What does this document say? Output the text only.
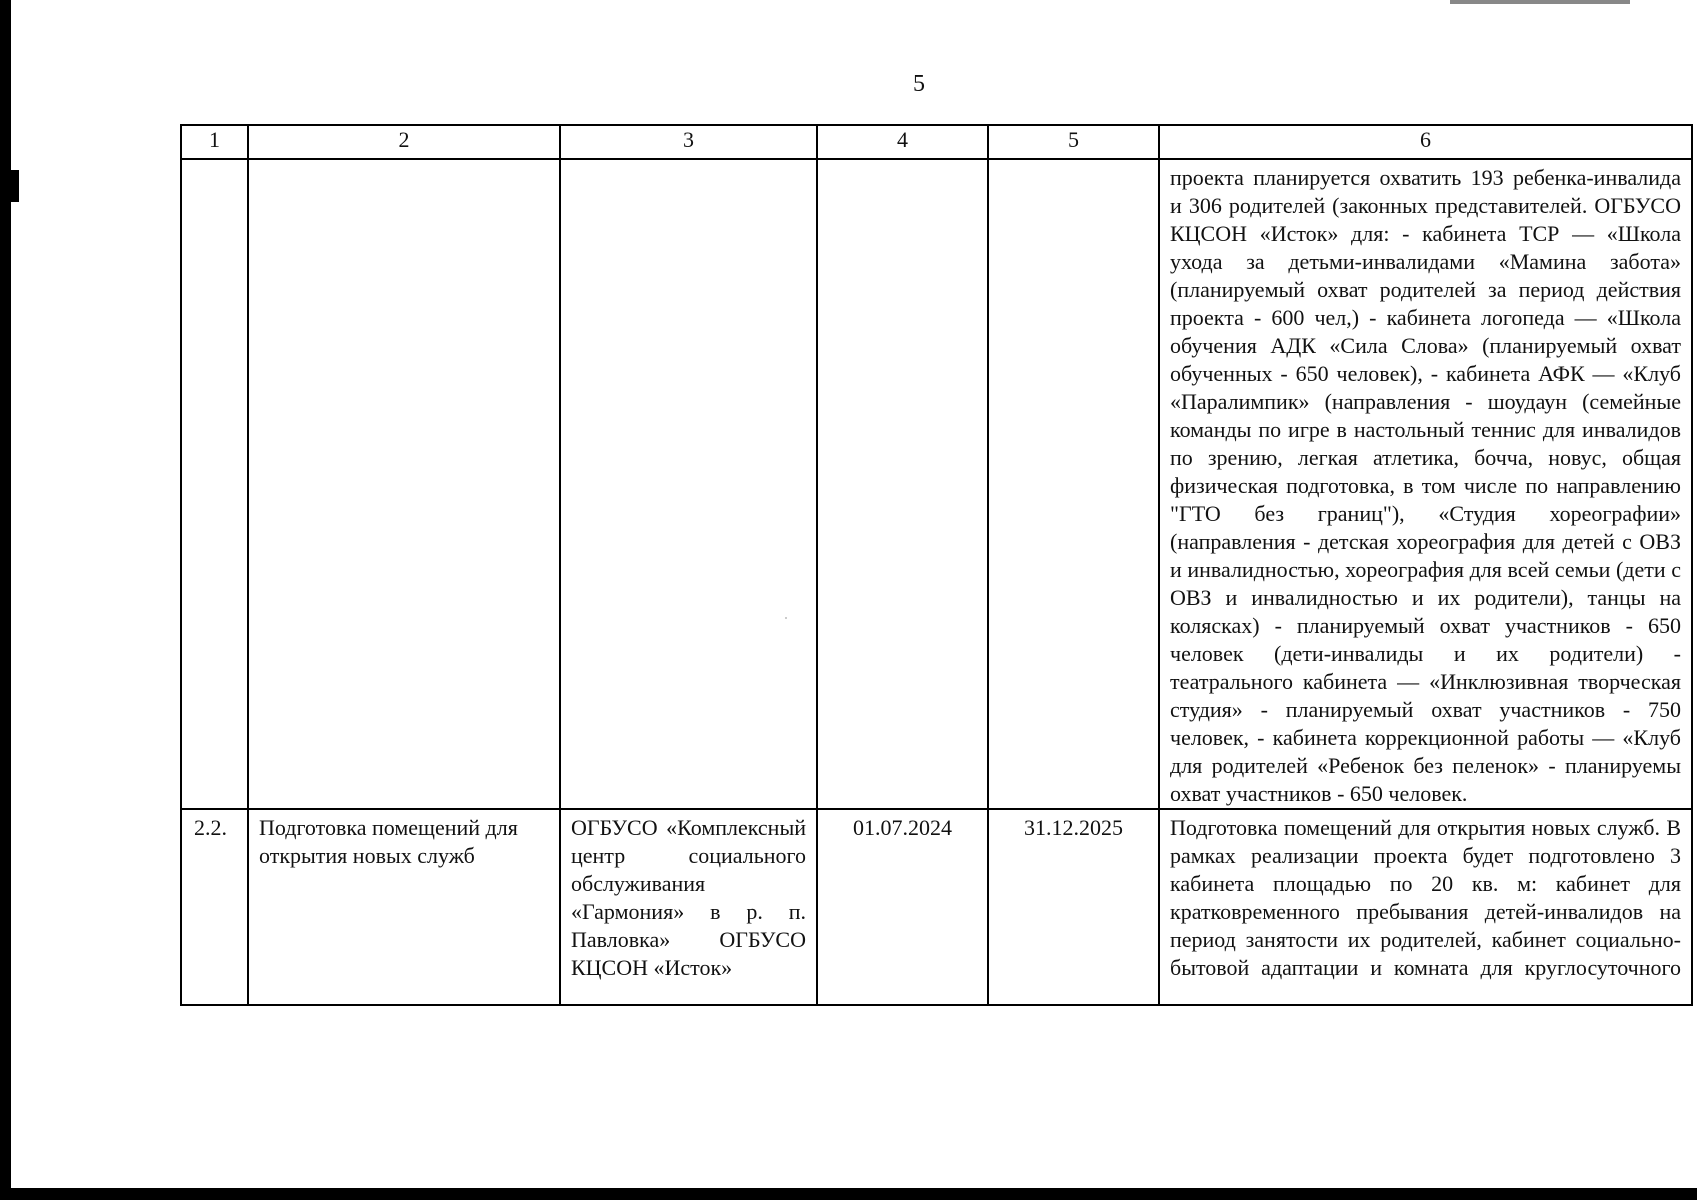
5
1	2	3	4	5	6
					проекта планируется охватить 193 ребенка-инвалида и 306 родителей (законных представителей. ОГБУСО КЦСОН «Исток» для: - кабинета ТСР — «Школа ухода за детьми-инвалидами «Мамина забота» (планируемый охват родителей за период действия проекта - 600 чел,) - кабинета логопеда — «Школа обучения АДК «Сила Слова» (планируемый охват обученных - 650 человек), - кабинета АФК — «Клуб «Паралимпик» (направления - шоудаун (семейные команды по игре в настольный теннис для инвалидов по зрению, легкая атлетика, бочча, новус, общая физическая подготовка, в том числе по направлению "ГТО без границ"), «Студия хореографии» (направления - детская хореография для детей с ОВЗ и инвалидностью, хореография для всей семьи (дети с ОВЗ и инвалидностью и их родители), танцы на колясках) - планируемый охват участников - 650 человек (дети-инвалиды и их родители) - театрального кабинета — «Инклюзивная творческая студия» - планируемый охват участников - 750 человек, - кабинета коррекционной работы — «Клуб для родителей «Ребенок без пеленок» - планируемы охват участников - 650 человек.
2.2.	Подготовка помещений для открытия новых служб	ОГБУСО «Комплексный центр социального обслуживания «Гармония» в р. п. Павловка» ОГБУСО КЦСОН «Исток»	01.07.2024	31.12.2025	Подготовка помещений для открытия новых служб. В рамках реализации проекта будет подготовлено 3 кабинета площадью по 20 кв. м: кабинет для кратковременного пребывания детей-инвалидов на период занятости их родителей, кабинет социально-бытовой адаптации и комната для круглосуточного
